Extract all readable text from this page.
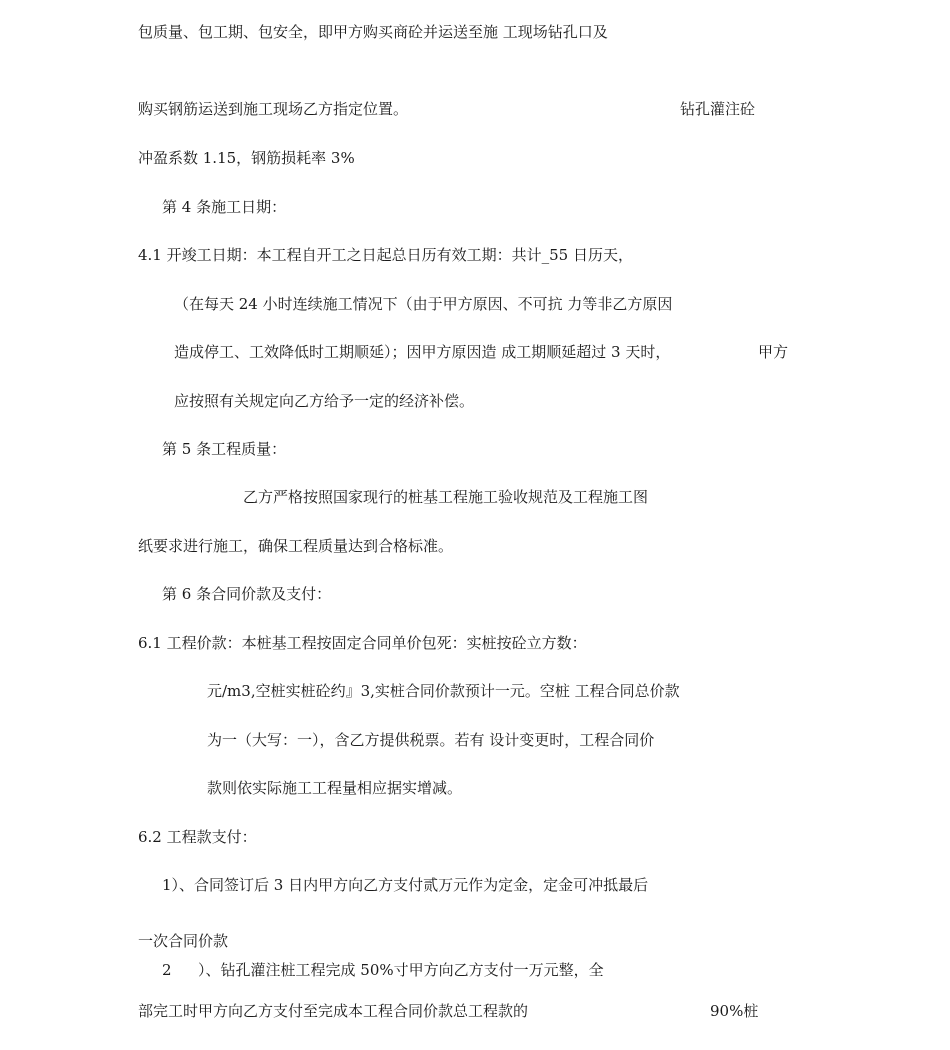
包质量、包工期、包安全，即甲方购买商砼并运送至施 工现场钻孔口及
购买钢筋运送到施工现场乙方指定位置。	钻孔灌注砼
冲盈系数 1.15，钢筋损耗率 3%
第 4 条施工日期：
4.1 开竣工日期：本工程自开工之日起总日历有效工期：共计_55 日历天，
（在每天 24 小时连续施工情况下（由于甲方原因、不可抗 力等非乙方原因
造成停工、工效降低时工期顺延）；因甲方原因造 成工期顺延超过 3 天时，	甲方
应按照有关规定向乙方给予一定的经济补偿。
第 5 条工程质量：
乙方严格按照国家现行的桩基工程施工验收规范及工程施工图
纸要求进行施工，确保工程质量达到合格标准。
第 6 条合同价款及支付：
6.1 工程价款：本桩基工程按固定合同单价包死：实桩按砼立方数：
元/m3,空桩实桩砼约』3,实桩合同价款预计一元。空桩 工程合同总价款
为一（大写：一），含乙方提供税票。若有 设计变更时，工程合同价
款则依实际施工工程量相应据实增减。
6.2 工程款支付：
1）、合同签订后 3 日内甲方向乙方支付贰万元作为定金，定金可冲抵最后
一次合同价款
2 ）、钻孔灌注桩工程完成 50%寸甲方向乙方支付一万元整，全
部完工时甲方向乙方支付至完成本工程合同价款总工程款的	90%桩
